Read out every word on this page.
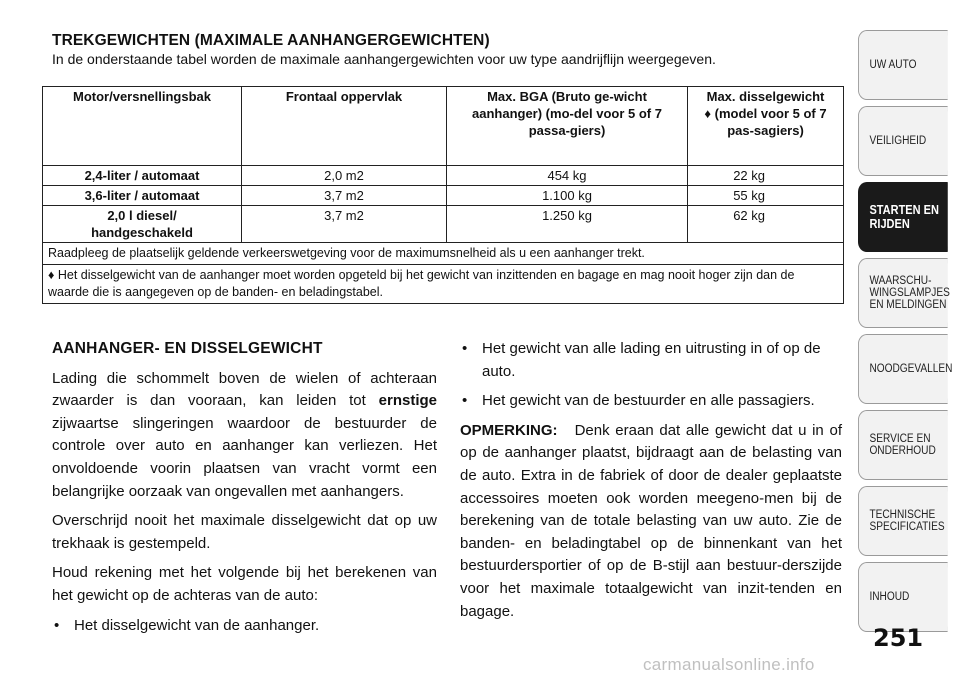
TREKGEWICHTEN (MAXIMALE AANHANGERGEWICHTEN)
In de onderstaande tabel worden de maximale aanhangergewichten voor uw type aandrijflijn weergegeven.
Motor/versnellingsbak	Frontaal oppervlak	Max. BGA (Bruto ge-wicht aanhanger) (mo-del voor 5 of 7 passa-giers)	Max. disselgewicht ♦ (model voor 5 of 7 pas-sagiers)
2,4-liter / automaat	2,0 m2	454 kg	22 kg
3,6-liter / automaat	3,7 m2	1.100 kg	55 kg
2,0 l diesel/ handgeschakeld	3,7 m2	1.250 kg	62 kg
Raadpleeg de plaatselijk geldende verkeerswetgeving voor de maximumsnelheid als u een aanhanger trekt.			
♦ Het disselgewicht van de aanhanger moet worden opgeteld bij het gewicht van inzittenden en bagage en mag nooit hoger zijn dan de waarde die is aangegeven op de banden- en beladingstabel.			

AANHANGER- EN DISSELGEWICHT

Lading die schommelt boven de wielen of achteraan zwaarder is dan vooraan, kan leiden tot ernstige zijwaartse slingeringen waardoor de bestuurder de controle over auto en aanhanger kan verliezen. Het onvoldoende voorin plaatsen van vracht vormt een belangrijke oorzaak van ongevallen met aanhangers.

Overschrijd nooit het maximale disselgewicht dat op uw trekhaak is gestempeld.

Houd rekening met het volgende bij het berekenen van het gewicht op de achteras van de auto:

• Het disselgewicht van de aanhanger.
• Het gewicht van alle lading en uitrusting in of op de auto.
• Het gewicht van de bestuurder en alle passagiers.

OPMERKING: Denk eraan dat alle gewicht dat u in of op de aanhanger plaatst, bijdraagt aan de belasting van de auto. Extra in de fabriek of door de dealer geplaatste accessoires moeten ook worden meegeno-men bij de berekening van de totale belasting van uw auto. Zie de banden- en beladingtabel op de binnenkant van het bestuurdersportier of op de B-stijl aan bestuur-derszijde voor het maximale totaalgewicht van inzit-tenden en bagage.

UW AUTO
VEILIGHEID
STARTEN EN
RIJDEN
WAARSCHU-
WINGSLAMPJES
EN MELDINGEN
NOODGEVALLEN
SERVICE EN
ONDERHOUD
TECHNISCHE
SPECIFICATIES
INHOUD
251
carmanualsonline.info
